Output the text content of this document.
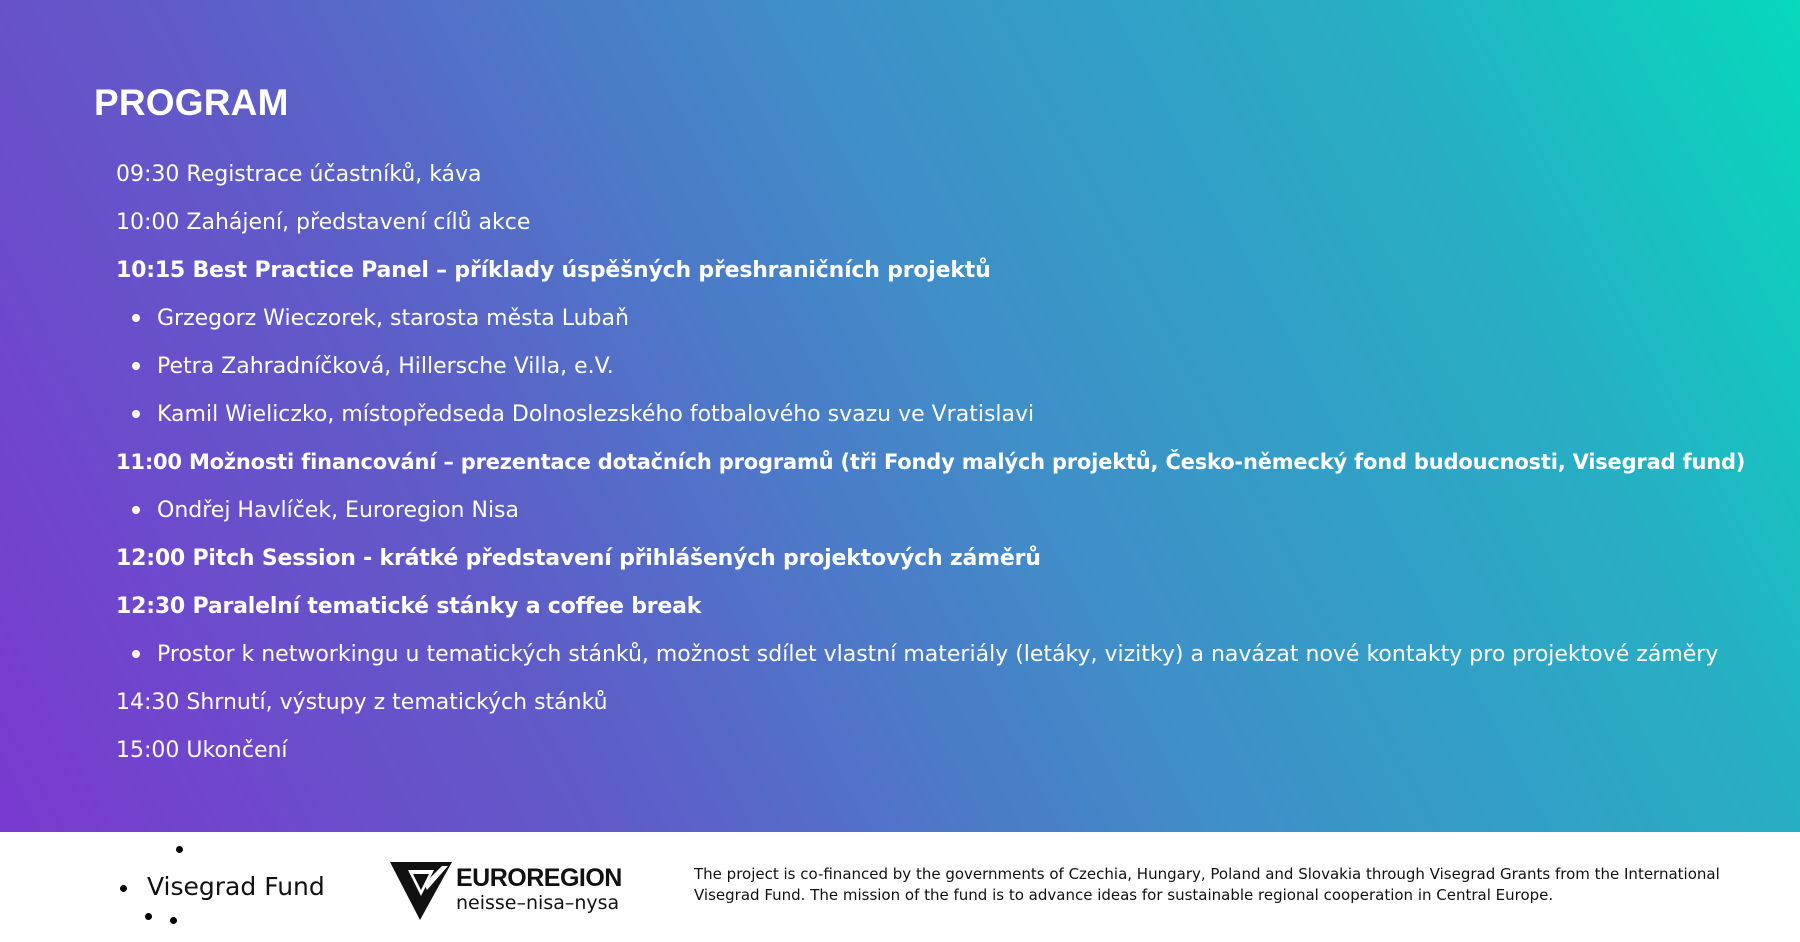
PROGRAM
09:30 Registrace účastníků, káva
10:00 Zahájení, představení cílů akce
10:15 Best Practice Panel – příklady úspěšných přeshraničních projektů
Grzegorz Wieczorek, starosta města Lubaň
Petra Zahradníčková, Hillersche Villa, e.V.
Kamil Wieliczko, místopředseda Dolnoslezského fotbalového svazu ve Vratislavi
11:00 Možnosti financování – prezentace dotačních programů (tři Fondy malých projektů, Česko-německý fond budoucnosti, Visegrad fund)
Ondřej Havlíček, Euroregion Nisa
12:00 Pitch Session - krátké představení přihlášených projektových záměrů
12:30 Paralelní tematické stánky a coffee break
Prostor k networkingu u tematických stánků, možnost sdílet vlastní materiály (letáky, vizitky) a navázat nové kontakty pro projektové záměry
14:30 Shrnutí, výstupy z tematických stánků
15:00 Ukončení
Visegrad Fund	EUROREGION
neisse–nisa–nysa

The project is co-financed by the governments of Czechia, Hungary, Poland and Slovakia through Visegrad Grants from the International Visegrad Fund. The mission of the fund is to advance ideas for sustainable regional cooperation in Central Europe.
